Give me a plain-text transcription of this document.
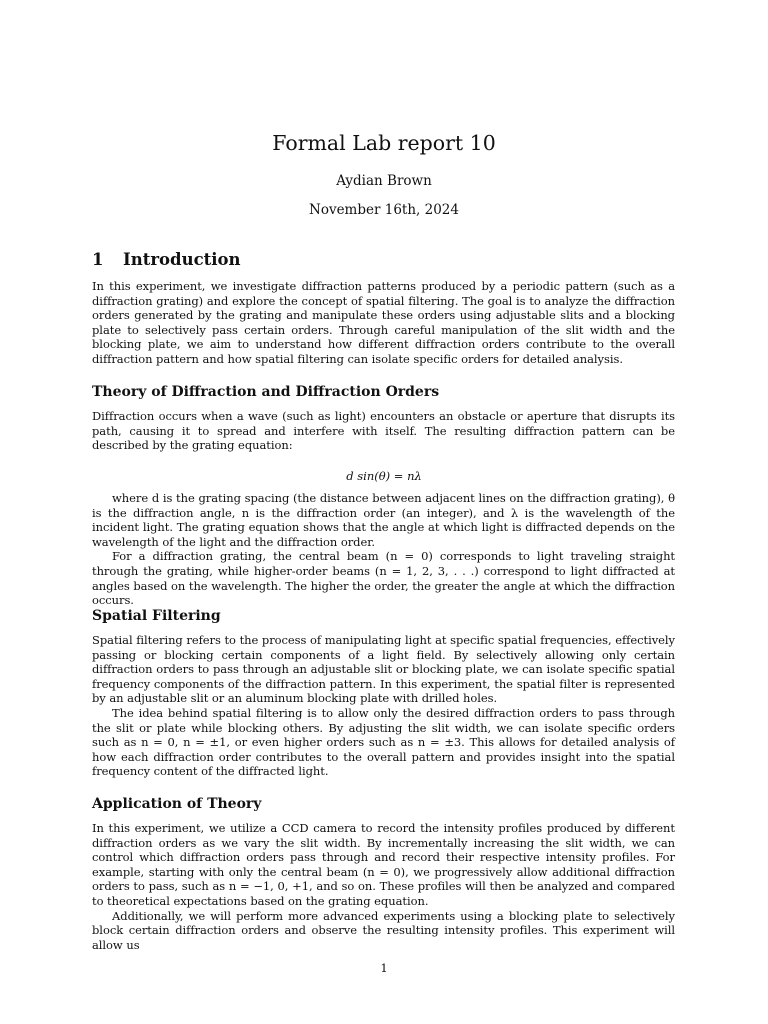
Formal Lab report 10
Aydian Brown
November 16th, 2024
1 Introduction

In this experiment, we investigate diffraction patterns produced by a periodic pattern (such as a diffraction grating) and explore the concept of spatial filtering. The goal is to analyze the diffraction orders generated by the grating and manipulate these orders using adjustable slits and a blocking plate to selectively pass certain orders. Through careful manipulation of the slit width and the blocking plate, we aim to understand how different diffraction orders contribute to the overall diffraction pattern and how spatial filtering can isolate specific orders for detailed analysis.

Theory of Diffraction and Diffraction Orders

Diffraction occurs when a wave (such as light) encounters an obstacle or aperture that disrupts its path, causing it to spread and interfere with itself. The resulting diffraction pattern can be described by the grating equation:

d sin(θ) = nλ

where d is the grating spacing (the distance between adjacent lines on the diffraction grating), θ is the diffraction angle, n is the diffraction order (an integer), and λ is the wavelength of the incident light. The grating equation shows that the angle at which light is diffracted depends on the wavelength of the light and the diffraction order.

For a diffraction grating, the central beam (n = 0) corresponds to light traveling straight through the grating, while higher-order beams (n = 1, 2, 3, . . .) correspond to light diffracted at angles based on the wavelength. The higher the order, the greater the angle at which the diffraction occurs.

Spatial Filtering

Spatial filtering refers to the process of manipulating light at specific spatial frequencies, effectively passing or blocking certain components of a light field. By selectively allowing only certain diffraction orders to pass through an adjustable slit or blocking plate, we can isolate specific spatial frequency components of the diffraction pattern. In this experiment, the spatial filter is represented by an adjustable slit or an aluminum blocking plate with drilled holes.

The idea behind spatial filtering is to allow only the desired diffraction orders to pass through the slit or plate while blocking others. By adjusting the slit width, we can isolate specific orders such as n = 0, n = ±1, or even higher orders such as n = ±3. This allows for detailed analysis of how each diffraction order contributes to the overall pattern and provides insight into the spatial frequency content of the diffracted light.

Application of Theory

In this experiment, we utilize a CCD camera to record the intensity profiles produced by different diffraction orders as we vary the slit width. By incrementally increasing the slit width, we can control which diffraction orders pass through and record their respective intensity profiles. For example, starting with only the central beam (n = 0), we progressively allow additional diffraction orders to pass, such as n = −1, 0, +1, and so on. These profiles will then be analyzed and compared to theoretical expectations based on the grating equation.

Additionally, we will perform more advanced experiments using a blocking plate to selectively block certain diffraction orders and observe the resulting intensity profiles. This experiment will allow us

1
